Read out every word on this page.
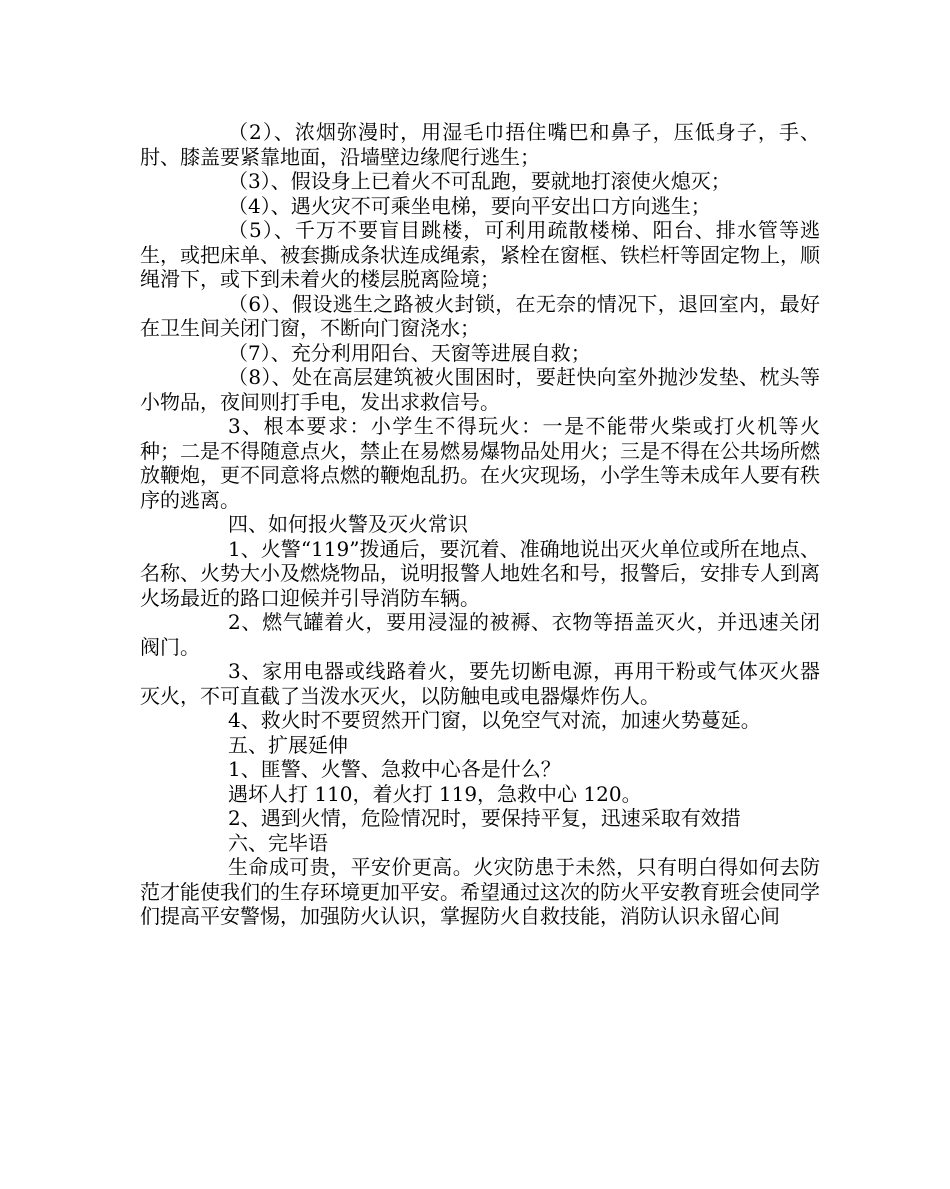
（2）、浓烟弥漫时，用湿毛巾捂住嘴巴和鼻子，压低身子，手、肘、膝盖要紧靠地面，沿墙壁边缘爬行逃生；

（3）、假设身上已着火不可乱跑，要就地打滚使火熄灭；

（4）、遇火灾不可乘坐电梯，要向平安出口方向逃生；

（5）、千万不要盲目跳楼，可利用疏散楼梯、阳台、排水管等逃生，或把床单、被套撕成条状连成绳索，紧栓在窗框、铁栏杆等固定物上，顺绳滑下，或下到未着火的楼层脱离险境；

（6）、假设逃生之路被火封锁，在无奈的情况下，退回室内，最好在卫生间关闭门窗，不断向门窗浇水；

（7）、充分利用阳台、天窗等进展自救；

（8）、处在高层建筑被火围困时，要赶快向室外抛沙发垫、枕头等小物品，夜间则打手电，发出求救信号。

3、根本要求：小学生不得玩火：一是不能带火柴或打火机等火种；二是不得随意点火，禁止在易燃易爆物品处用火；三是不得在公共场所燃放鞭炮，更不同意将点燃的鞭炮乱扔。在火灾现场，小学生等未成年人要有秩序的逃离。

四、如何报火警及灭火常识

1、火警“119”拨通后，要沉着、准确地说出灭火单位或所在地点、名称、火势大小及燃烧物品，说明报警人地姓名和号，报警后，安排专人到离火场最近的路口迎候并引导消防车辆。

2、燃气罐着火，要用浸湿的被褥、衣物等捂盖灭火，并迅速关闭阀门。

3、家用电器或线路着火，要先切断电源，再用干粉或气体灭火器灭火，不可直截了当泼水灭火，以防触电或电器爆炸伤人。

4、救火时不要贸然开门窗，以免空气对流，加速火势蔓延。

五、扩展延伸

1、匪警、火警、急救中心各是什么？

遇坏人打 110，着火打 119，急救中心 120。

2、遇到火情，危险情况时，要保持平复，迅速采取有效措

六、完毕语

生命成可贵，平安价更高。火灾防患于未然，只有明白得如何去防范才能使我们的生存环境更加平安。希望通过这次的防火平安教育班会使同学们提高平安警惕，加强防火认识，掌握防火自救技能，消防认识永留心间
